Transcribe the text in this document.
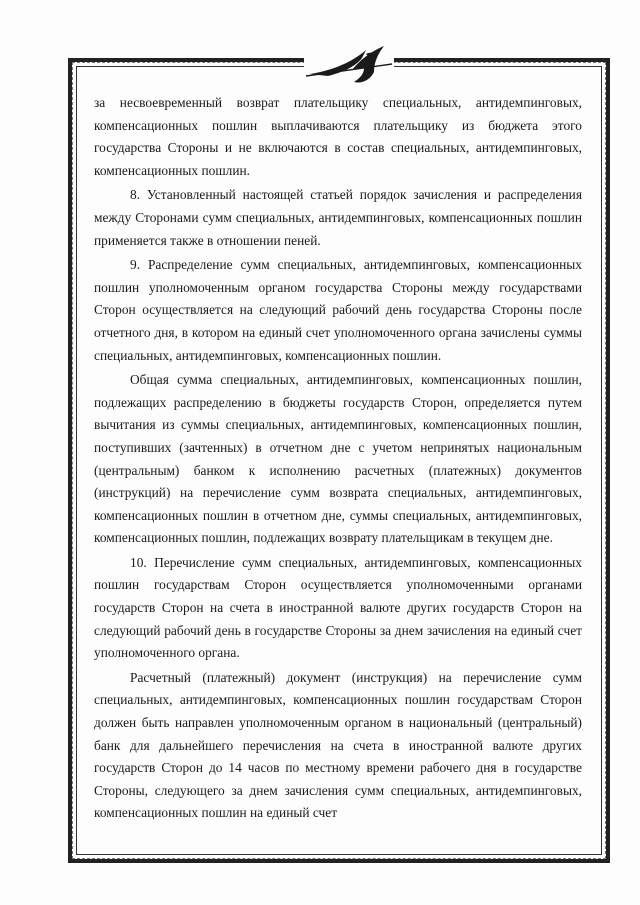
за несвоевременный возврат плательщику специальных, антидемпинговых, компенсационных пошлин выплачиваются плательщику из бюджета этого государства Стороны и не включаются в состав специальных, антидемпинговых, компенсационных пошлин.

8. Установленный настоящей статьей порядок зачисления и распределения между Сторонами сумм специальных, антидемпинговых, компенсационных пошлин применяется также в отношении пеней.

9. Распределение сумм специальных, антидемпинговых, компенсационных пошлин уполномоченным органом государства Стороны между государствами Сторон осуществляется на следующий рабочий день государства Стороны после отчетного дня, в котором на единый счет уполномоченного органа зачислены суммы специальных, антидемпинговых, компенсационных пошлин.

Общая сумма специальных, антидемпинговых, компенсационных пошлин, подлежащих распределению в бюджеты государств Сторон, определяется путем вычитания из суммы специальных, антидемпинговых, компенсационных пошлин, поступивших (зачтенных) в отчетном дне с учетом непринятых национальным (центральным) банком к исполнению расчетных (платежных) документов (инструкций) на перечисление сумм возврата специальных, антидемпинговых, компенсационных пошлин в отчетном дне, суммы специальных, антидемпинговых, компенсационных пошлин, подлежащих возврату плательщикам в текущем дне.

10. Перечисление сумм специальных, антидемпинговых, компенсационных пошлин государствам Сторон осуществляется уполномоченными органами государств Сторон на счета в иностранной валюте других государств Сторон на следующий рабочий день в государстве Стороны за днем зачисления на единый счет уполномоченного органа.

Расчетный (платежный) документ (инструкция) на перечисление сумм специальных, антидемпинговых, компенсационных пошлин государствам Сторон должен быть направлен уполномоченным органом в национальный (центральный) банк для дальнейшего перечисления на счета в иностранной валюте других государств Сторон до 14 часов по местному времени рабочего дня в государстве Стороны, следующего за днем зачисления сумм специальных, антидемпинговых, компенсационных пошлин на единый счет
